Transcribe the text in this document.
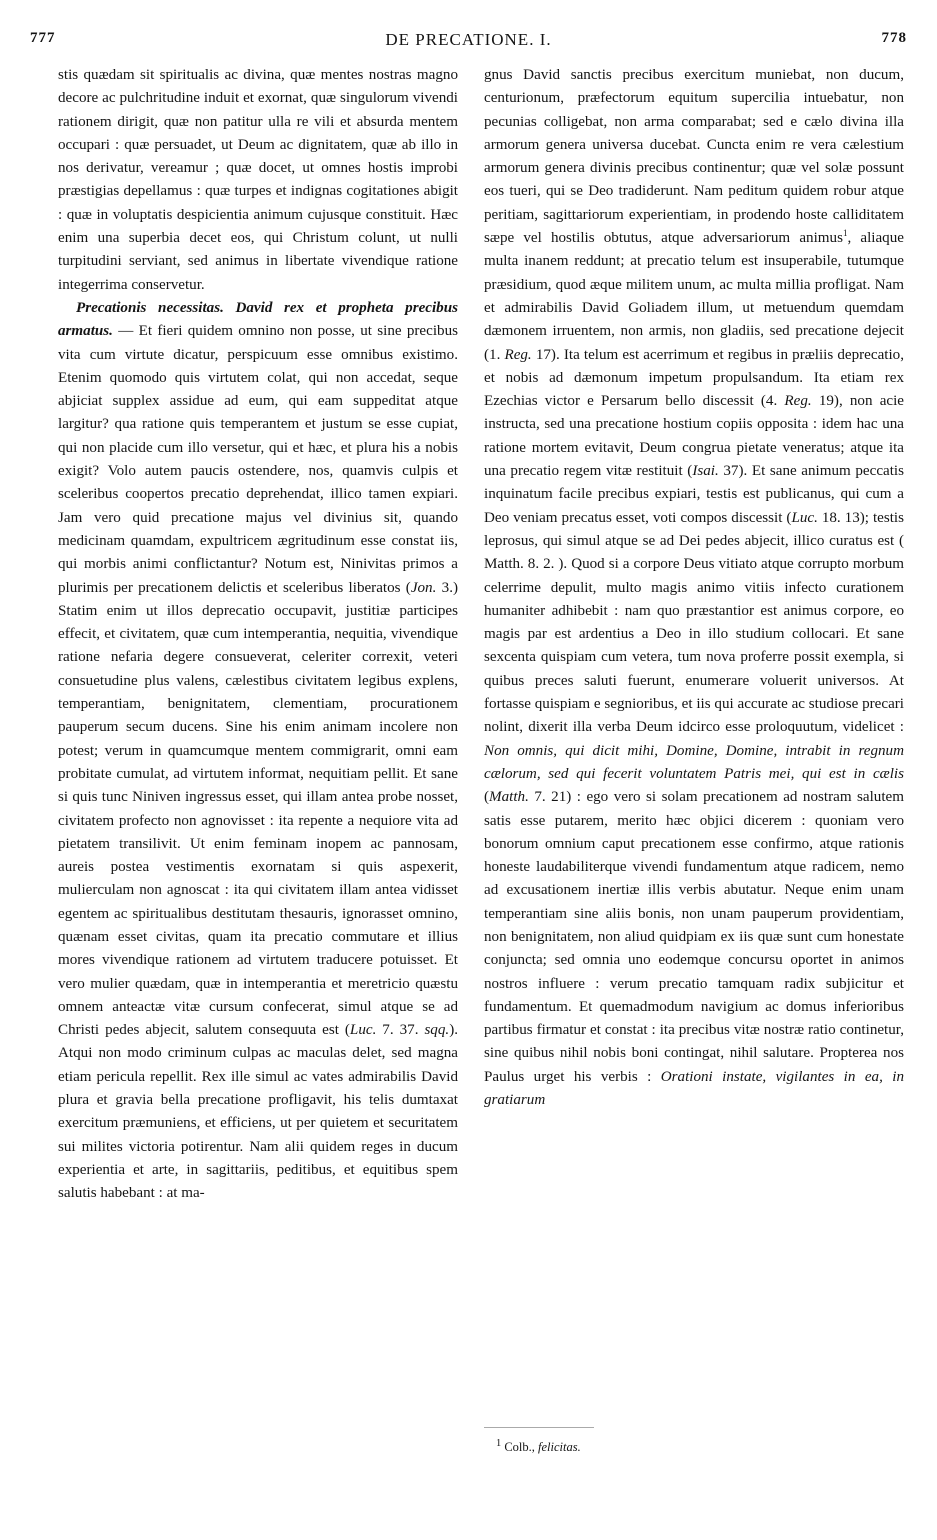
777	DE PRECATIONE. I.	778

stis quædam sit spiritualis ac divina, quæ mentes nostras magno decore ac pulchritudine induit et exornat, quæ singulorum vivendi rationem dirigit, quæ non patitur ulla re vili et absurda mentem occupari : quæ persuadet, ut Deum ac dignitatem, quæ ab illo in nos derivatur, vereamur ; quæ docet, ut omnes hostis improbi præstigias depellamus : quæ turpes et indignas cogitationes abigit : quæ in voluptatis despicientia animum cujusque constituit. Hæc enim una superbia decet eos, qui Christum colunt, ut nulli turpitudini serviant, sed animus in libertate vivendique ratione integerrima conservetur.

Precationis necessitas. David rex et propheta precibus armatus. — Et fieri quidem omnino non posse, ut sine precibus vita cum virtute dicatur, perspicuum esse omnibus existimo. Etenim quomodo quis virtutem colat, qui non accedat, seque abjiciat supplex assidue ad eum, qui eam suppeditat atque largitur? qua ratione quis temperantem et justum se esse cupiat, qui non placide cum illo versetur, qui et hæc, et plura his a nobis exigit? Volo autem paucis ostendere, nos, quamvis culpis et sceleribus coopertos precatio deprehendat, illico tamen expiari. Jam vero quid precatione majus vel divinius sit, quando medicinam quamdam, expultricem ægritudinum esse constat iis, qui morbis animi conflictantur? Notum est, Ninivitas primos a plurimis per precationem delictis et sceleribus liberatos (Jon. 3.) Statim enim ut illos deprecatio occupavit, justitiæ participes effecit, et civitatem, quæ cum intemperantia, nequitia, vivendique ratione nefaria degere consueverat, celeriter correxit, veteri consuetudine plus valens, cælestibus civitatem legibus explens, temperantiam, benignitatem, clementiam, procurationem pauperum secum ducens. Sine his enim animam incolere non potest; verum in quamcumque mentem commigrarit, omni eam probitate cumulat, ad virtutem informat, nequitiam pellit. Et sane si quis tunc Niniven ingressus esset, qui illam antea probe nosset, civitatem profecto non agnovisset : ita repente a nequiore vita ad pietatem transilivit. Ut enim feminam inopem ac pannosam, aureis postea vestimentis exornatam si quis aspexerit, mulierculam non agnoscat : ita qui civitatem illam antea vidisset egentem ac spiritualibus destitutam thesauris, ignorasset omnino, quænam esset civitas, quam ita precatio commutare et illius mores vivendique rationem ad virtutem traducere potuisset. Et vero mulier quædam, quæ in intemperantia et meretricio quæstu omnem anteactæ vitæ cursum confecerat, simul atque se ad Christi pedes abjecit, salutem consequuta est (Luc. 7. 37. sqq.). Atqui non modo criminum culpas ac maculas delet, sed magna etiam pericula repellit. Rex ille simul ac vates admirabilis David plura et gravia bella precatione profligavit, his telis dumtaxat exercitum præmuniens, et efficiens, ut per quietem et securitatem sui milites victoria potirentur. Nam alii quidem reges in ducum experientia et arte, in sagittariis, peditibus, et equitibus spem salutis habebant : at ma-

gnus David sanctis precibus exercitum muniebat, non ducum, centurionum, præfectorum equitum supercilia intuebatur, non pecunias colligebat, non arma comparabat; sed e cælo divina illa armorum genera universa ducebat. Cuncta enim re vera cælestium armorum genera divinis precibus continentur; quæ vel solæ possunt eos tueri, qui se Deo tradiderunt. Nam peditum quidem robur atque peritiam, sagittariorum experientiam, in prodendo hoste calliditatem sæpe vel hostilis obtutus, atque adversariorum animus$^1$, aliaque multa inanem reddunt; at precatio telum est insuperabile, tutumque præsidium, quod æque militem unum, ac multa millia profligat. Nam et admirabilis David Goliadem illum, ut metuendum quemdam dæmonem irruentem, non armis, non gladiis, sed precatione dejecit (1. Reg. 17). Ita telum est acerrimum et regibus in præliis deprecatio, et nobis ad dæmonum impetum propulsandum. Ita etiam rex Ezechias victor e Persarum bello discessit (4. Reg. 19), non acie instructa, sed una precatione hostium copiis opposita : idem hac una ratione mortem evitavit, Deum congrua pietate veneratus; atque ita una precatio regem vitæ restituit (Isai. 37). Et sane animum peccatis inquinatum facile precibus expiari, testis est publicanus, qui cum a Deo veniam precatus esset, voti compos discessit (Luc. 18. 13); testis leprosus, qui simul atque se ad Dei pedes abjecit, illico curatus est ( Matth. 8. 2. ). Quod si a corpore Deus vitiato atque corrupto morbum celerrime depulit, multo magis animo vitiis infecto curationem humaniter adhibebit : nam quo præstantior est animus corpore, eo magis par est ardentius a Deo in illo studium collocari. Et sane sexcenta quispiam cum vetera, tum nova proferre possit exempla, si quibus preces saluti fuerunt, enumerare voluerit universos. At fortasse quispiam e segnioribus, et iis qui accurate ac studiose precari nolint, dixerit illa verba Deum idcirco esse proloquutum, videlicet : Non omnis, qui dicit mihi, Domine, Domine, intrabit in regnum cælorum, sed qui fecerit voluntatem Patris mei, qui est in cælis (Matth. 7. 21) : ego vero si solam precationem ad nostram salutem satis esse putarem, merito hæc objici dicerem : quoniam vero bonorum omnium caput precationem esse confirmo, atque rationis honeste laudabiliterque vivendi fundamentum atque radicem, nemo ad excusationem inertiæ illis verbis abutatur. Neque enim unam temperantiam sine aliis bonis, non unam pauperum providentiam, non benignitatem, non aliud quidpiam ex iis quæ sunt cum honestate conjuncta; sed omnia uno eodemque concursu oportet in animos nostros influere : verum precatio tamquam radix subjicitur et fundamentum. Et quemadmodum navigium ac domus inferioribus partibus firmatur et constat : ita precibus vitæ nostræ ratio continetur, sine quibus nihil nobis boni contingat, nihil salutare. Propterea nos Paulus urget his verbis : Orationi instate, vigilantes in ea, in gratiarum

$^1$ Colb., felicitas.
